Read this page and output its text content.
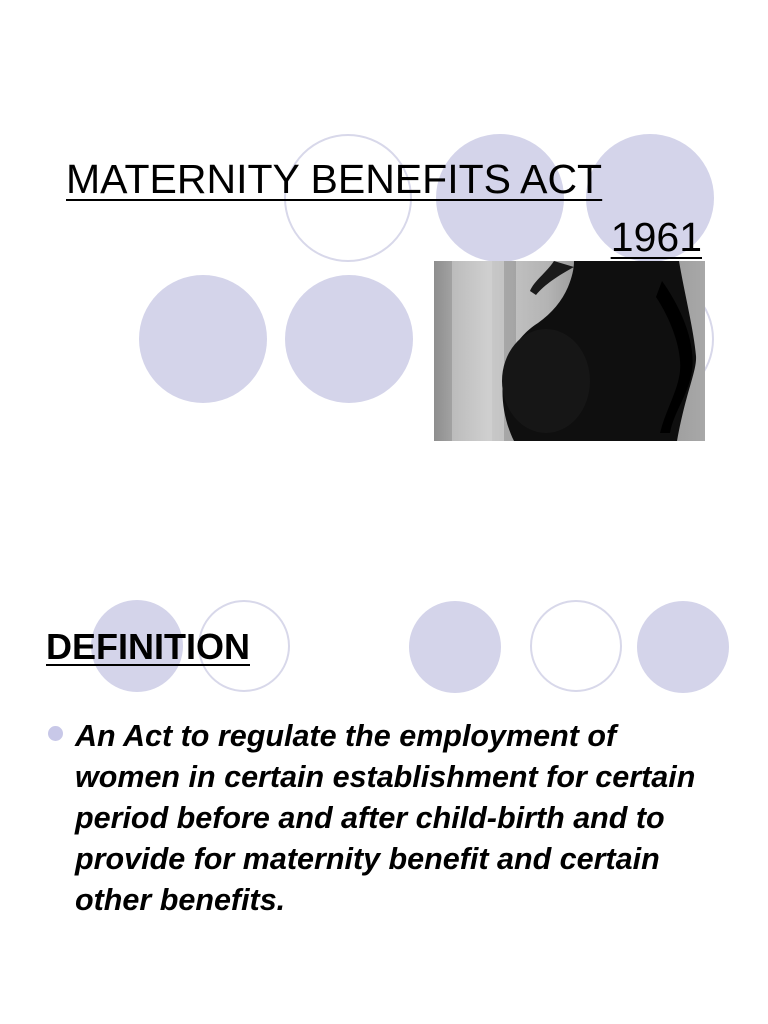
MATERNITY BENEFITS ACT
1961
DEFINITION

An Act to regulate the employment of women in certain establishment for certain period before and after child-birth and to provide for maternity benefit and certain other benefits.
